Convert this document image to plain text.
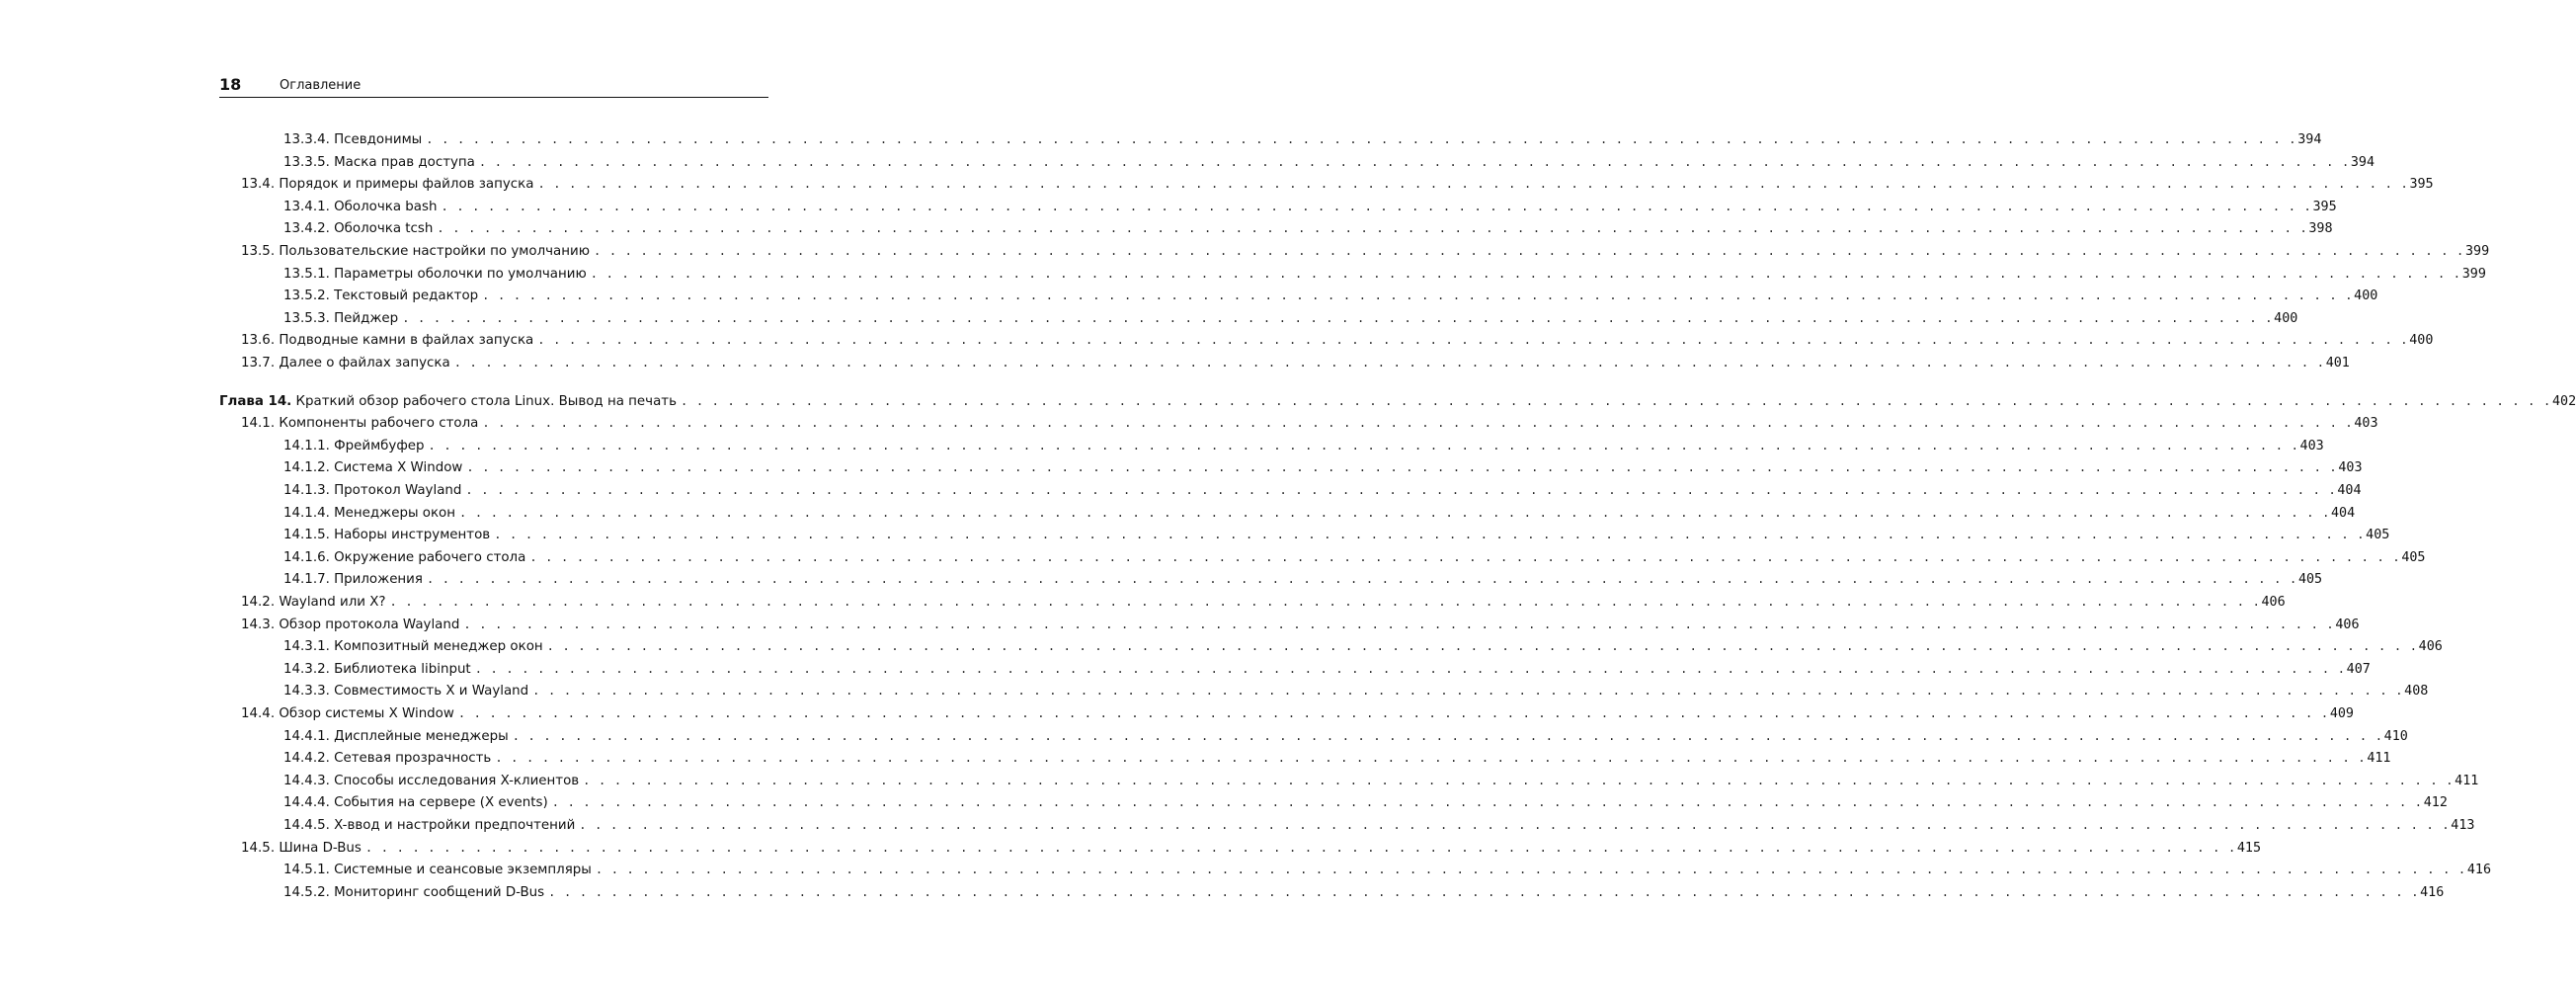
18	Оглавление
13.3.4. Псевдонимы . . . . . . . . . . . . . . . . . . . . . . . . . . . . . . . . . . . . . . . . . . . . . . . . . . . . . . . . . . . . . . . . . . . . . . . . . . . . . . . . . . . . . . . . . . . . . . . . . . . . . . . . . . . . . . . . . . . . . . . . 394
13.3.5. Маска прав доступа . . . . . . . . . . . . . . . . . . . . . . . . . . . . . . . . . . . . . . . . . . . . . . . . . . . . . . . . . . . . . . . . . . . . . . . . . . . . . . . . . . . . . . . . . . . . . . . . . . . . . . . . . . . . . . . . . . . . . . . . 394
13.4. Порядок и примеры файлов запуска . . . . . . . . . . . . . . . . . . . . . . . . . . . . . . . . . . . . . . . . . . . . . . . . . . . . . . . . . . . . . . . . . . . . . . . . . . . . . . . . . . . . . . . . . . . . . . . . . . . . . . . . . . . . . . . . . . . . . . . . 395
13.4.1. Оболочка bash . . . . . . . . . . . . . . . . . . . . . . . . . . . . . . . . . . . . . . . . . . . . . . . . . . . . . . . . . . . . . . . . . . . . . . . . . . . . . . . . . . . . . . . . . . . . . . . . . . . . . . . . . . . . . . . . . . . . . . . . 395
13.4.2. Оболочка tcsh . . . . . . . . . . . . . . . . . . . . . . . . . . . . . . . . . . . . . . . . . . . . . . . . . . . . . . . . . . . . . . . . . . . . . . . . . . . . . . . . . . . . . . . . . . . . . . . . . . . . . . . . . . . . . . . . . . . . . . . . 398
13.5. Пользовательские настройки по умолчанию . . . . . . . . . . . . . . . . . . . . . . . . . . . . . . . . . . . . . . . . . . . . . . . . . . . . . . . . . . . . . . . . . . . . . . . . . . . . . . . . . . . . . . . . . . . . . . . . . . . . . . . . . . . . . . . . . . . . . . . . 399
13.5.1. Параметры оболочки по умолчанию . . . . . . . . . . . . . . . . . . . . . . . . . . . . . . . . . . . . . . . . . . . . . . . . . . . . . . . . . . . . . . . . . . . . . . . . . . . . . . . . . . . . . . . . . . . . . . . . . . . . . . . . . . . . . . . . . . . . . . . . 399
13.5.2. Текстовый редактор . . . . . . . . . . . . . . . . . . . . . . . . . . . . . . . . . . . . . . . . . . . . . . . . . . . . . . . . . . . . . . . . . . . . . . . . . . . . . . . . . . . . . . . . . . . . . . . . . . . . . . . . . . . . . . . . . . . . . . . . 400
13.5.3. Пейджер . . . . . . . . . . . . . . . . . . . . . . . . . . . . . . . . . . . . . . . . . . . . . . . . . . . . . . . . . . . . . . . . . . . . . . . . . . . . . . . . . . . . . . . . . . . . . . . . . . . . . . . . . . . . . . . . . . . . . . . . 400
13.6. Подводные камни в файлах запуска . . . . . . . . . . . . . . . . . . . . . . . . . . . . . . . . . . . . . . . . . . . . . . . . . . . . . . . . . . . . . . . . . . . . . . . . . . . . . . . . . . . . . . . . . . . . . . . . . . . . . . . . . . . . . . . . . . . . . . . . 400
13.7. Далее о файлах запуска . . . . . . . . . . . . . . . . . . . . . . . . . . . . . . . . . . . . . . . . . . . . . . . . . . . . . . . . . . . . . . . . . . . . . . . . . . . . . . . . . . . . . . . . . . . . . . . . . . . . . . . . . . . . . . . . . . . . . . . . 401
Глава 14. Краткий обзор рабочего стола Linux. Вывод на печать . . . . . . . . . . . . . . . . . . . . . . . . . . . . . . . . . . . . . . . . . . . . . . . . . . . . . . . . . . . . . . . . . . . . . . . . . . . . . . . . . . . . . . . . . . . . . . . . . . . . . . . . . . . . . . . . . . . . . . . . 402
14.1. Компоненты рабочего стола . . . . . . . . . . . . . . . . . . . . . . . . . . . . . . . . . . . . . . . . . . . . . . . . . . . . . . . . . . . . . . . . . . . . . . . . . . . . . . . . . . . . . . . . . . . . . . . . . . . . . . . . . . . . . . . . . . . . . . . . 403
14.1.1. Фреймбуфер . . . . . . . . . . . . . . . . . . . . . . . . . . . . . . . . . . . . . . . . . . . . . . . . . . . . . . . . . . . . . . . . . . . . . . . . . . . . . . . . . . . . . . . . . . . . . . . . . . . . . . . . . . . . . . . . . . . . . . . . 403
14.1.2. Система X Window . . . . . . . . . . . . . . . . . . . . . . . . . . . . . . . . . . . . . . . . . . . . . . . . . . . . . . . . . . . . . . . . . . . . . . . . . . . . . . . . . . . . . . . . . . . . . . . . . . . . . . . . . . . . . . . . . . . . . . . . 403
14.1.3. Протокол Wayland . . . . . . . . . . . . . . . . . . . . . . . . . . . . . . . . . . . . . . . . . . . . . . . . . . . . . . . . . . . . . . . . . . . . . . . . . . . . . . . . . . . . . . . . . . . . . . . . . . . . . . . . . . . . . . . . . . . . . . . . 404
14.1.4. Менеджеры окон . . . . . . . . . . . . . . . . . . . . . . . . . . . . . . . . . . . . . . . . . . . . . . . . . . . . . . . . . . . . . . . . . . . . . . . . . . . . . . . . . . . . . . . . . . . . . . . . . . . . . . . . . . . . . . . . . . . . . . . . 404
14.1.5. Наборы инструментов . . . . . . . . . . . . . . . . . . . . . . . . . . . . . . . . . . . . . . . . . . . . . . . . . . . . . . . . . . . . . . . . . . . . . . . . . . . . . . . . . . . . . . . . . . . . . . . . . . . . . . . . . . . . . . . . . . . . . . . . 405
14.1.6. Окружение рабочего стола . . . . . . . . . . . . . . . . . . . . . . . . . . . . . . . . . . . . . . . . . . . . . . . . . . . . . . . . . . . . . . . . . . . . . . . . . . . . . . . . . . . . . . . . . . . . . . . . . . . . . . . . . . . . . . . . . . . . . . . . 405
14.1.7. Приложения . . . . . . . . . . . . . . . . . . . . . . . . . . . . . . . . . . . . . . . . . . . . . . . . . . . . . . . . . . . . . . . . . . . . . . . . . . . . . . . . . . . . . . . . . . . . . . . . . . . . . . . . . . . . . . . . . . . . . . . . 405
14.2. Wayland или X? . . . . . . . . . . . . . . . . . . . . . . . . . . . . . . . . . . . . . . . . . . . . . . . . . . . . . . . . . . . . . . . . . . . . . . . . . . . . . . . . . . . . . . . . . . . . . . . . . . . . . . . . . . . . . . . . . . . . . . . . 406
14.3. Обзор протокола Wayland . . . . . . . . . . . . . . . . . . . . . . . . . . . . . . . . . . . . . . . . . . . . . . . . . . . . . . . . . . . . . . . . . . . . . . . . . . . . . . . . . . . . . . . . . . . . . . . . . . . . . . . . . . . . . . . . . . . . . . . . 406
14.3.1. Композитный менеджер окон . . . . . . . . . . . . . . . . . . . . . . . . . . . . . . . . . . . . . . . . . . . . . . . . . . . . . . . . . . . . . . . . . . . . . . . . . . . . . . . . . . . . . . . . . . . . . . . . . . . . . . . . . . . . . . . . . . . . . . . . 406
14.3.2. Библиотека libinput . . . . . . . . . . . . . . . . . . . . . . . . . . . . . . . . . . . . . . . . . . . . . . . . . . . . . . . . . . . . . . . . . . . . . . . . . . . . . . . . . . . . . . . . . . . . . . . . . . . . . . . . . . . . . . . . . . . . . . . . 407
14.3.3. Совместимость X и Wayland . . . . . . . . . . . . . . . . . . . . . . . . . . . . . . . . . . . . . . . . . . . . . . . . . . . . . . . . . . . . . . . . . . . . . . . . . . . . . . . . . . . . . . . . . . . . . . . . . . . . . . . . . . . . . . . . . . . . . . . . 408
14.4. Обзор системы X Window . . . . . . . . . . . . . . . . . . . . . . . . . . . . . . . . . . . . . . . . . . . . . . . . . . . . . . . . . . . . . . . . . . . . . . . . . . . . . . . . . . . . . . . . . . . . . . . . . . . . . . . . . . . . . . . . . . . . . . . . 409
14.4.1. Дисплейные менеджеры . . . . . . . . . . . . . . . . . . . . . . . . . . . . . . . . . . . . . . . . . . . . . . . . . . . . . . . . . . . . . . . . . . . . . . . . . . . . . . . . . . . . . . . . . . . . . . . . . . . . . . . . . . . . . . . . . . . . . . . . 410
14.4.2. Сетевая прозрачность . . . . . . . . . . . . . . . . . . . . . . . . . . . . . . . . . . . . . . . . . . . . . . . . . . . . . . . . . . . . . . . . . . . . . . . . . . . . . . . . . . . . . . . . . . . . . . . . . . . . . . . . . . . . . . . . . . . . . . . . 411
14.4.3. Способы исследования X-клиентов . . . . . . . . . . . . . . . . . . . . . . . . . . . . . . . . . . . . . . . . . . . . . . . . . . . . . . . . . . . . . . . . . . . . . . . . . . . . . . . . . . . . . . . . . . . . . . . . . . . . . . . . . . . . . . . . . . . . . . . . 411
14.4.4. События на сервере (X events) . . . . . . . . . . . . . . . . . . . . . . . . . . . . . . . . . . . . . . . . . . . . . . . . . . . . . . . . . . . . . . . . . . . . . . . . . . . . . . . . . . . . . . . . . . . . . . . . . . . . . . . . . . . . . . . . . . . . . . . . 412
14.4.5. X-ввод и настройки предпочтений . . . . . . . . . . . . . . . . . . . . . . . . . . . . . . . . . . . . . . . . . . . . . . . . . . . . . . . . . . . . . . . . . . . . . . . . . . . . . . . . . . . . . . . . . . . . . . . . . . . . . . . . . . . . . . . . . . . . . . . . 413
14.5. Шина D-Bus . . . . . . . . . . . . . . . . . . . . . . . . . . . . . . . . . . . . . . . . . . . . . . . . . . . . . . . . . . . . . . . . . . . . . . . . . . . . . . . . . . . . . . . . . . . . . . . . . . . . . . . . . . . . . . . . . . . . . . . . 415
14.5.1. Системные и сеансовые экземпляры . . . . . . . . . . . . . . . . . . . . . . . . . . . . . . . . . . . . . . . . . . . . . . . . . . . . . . . . . . . . . . . . . . . . . . . . . . . . . . . . . . . . . . . . . . . . . . . . . . . . . . . . . . . . . . . . . . . . . . . . 416
14.5.2. Мониторинг сообщений D-Bus . . . . . . . . . . . . . . . . . . . . . . . . . . . . . . . . . . . . . . . . . . . . . . . . . . . . . . . . . . . . . . . . . . . . . . . . . . . . . . . . . . . . . . . . . . . . . . . . . . . . . . . . . . . . . . . . . . . . . . . . 416
